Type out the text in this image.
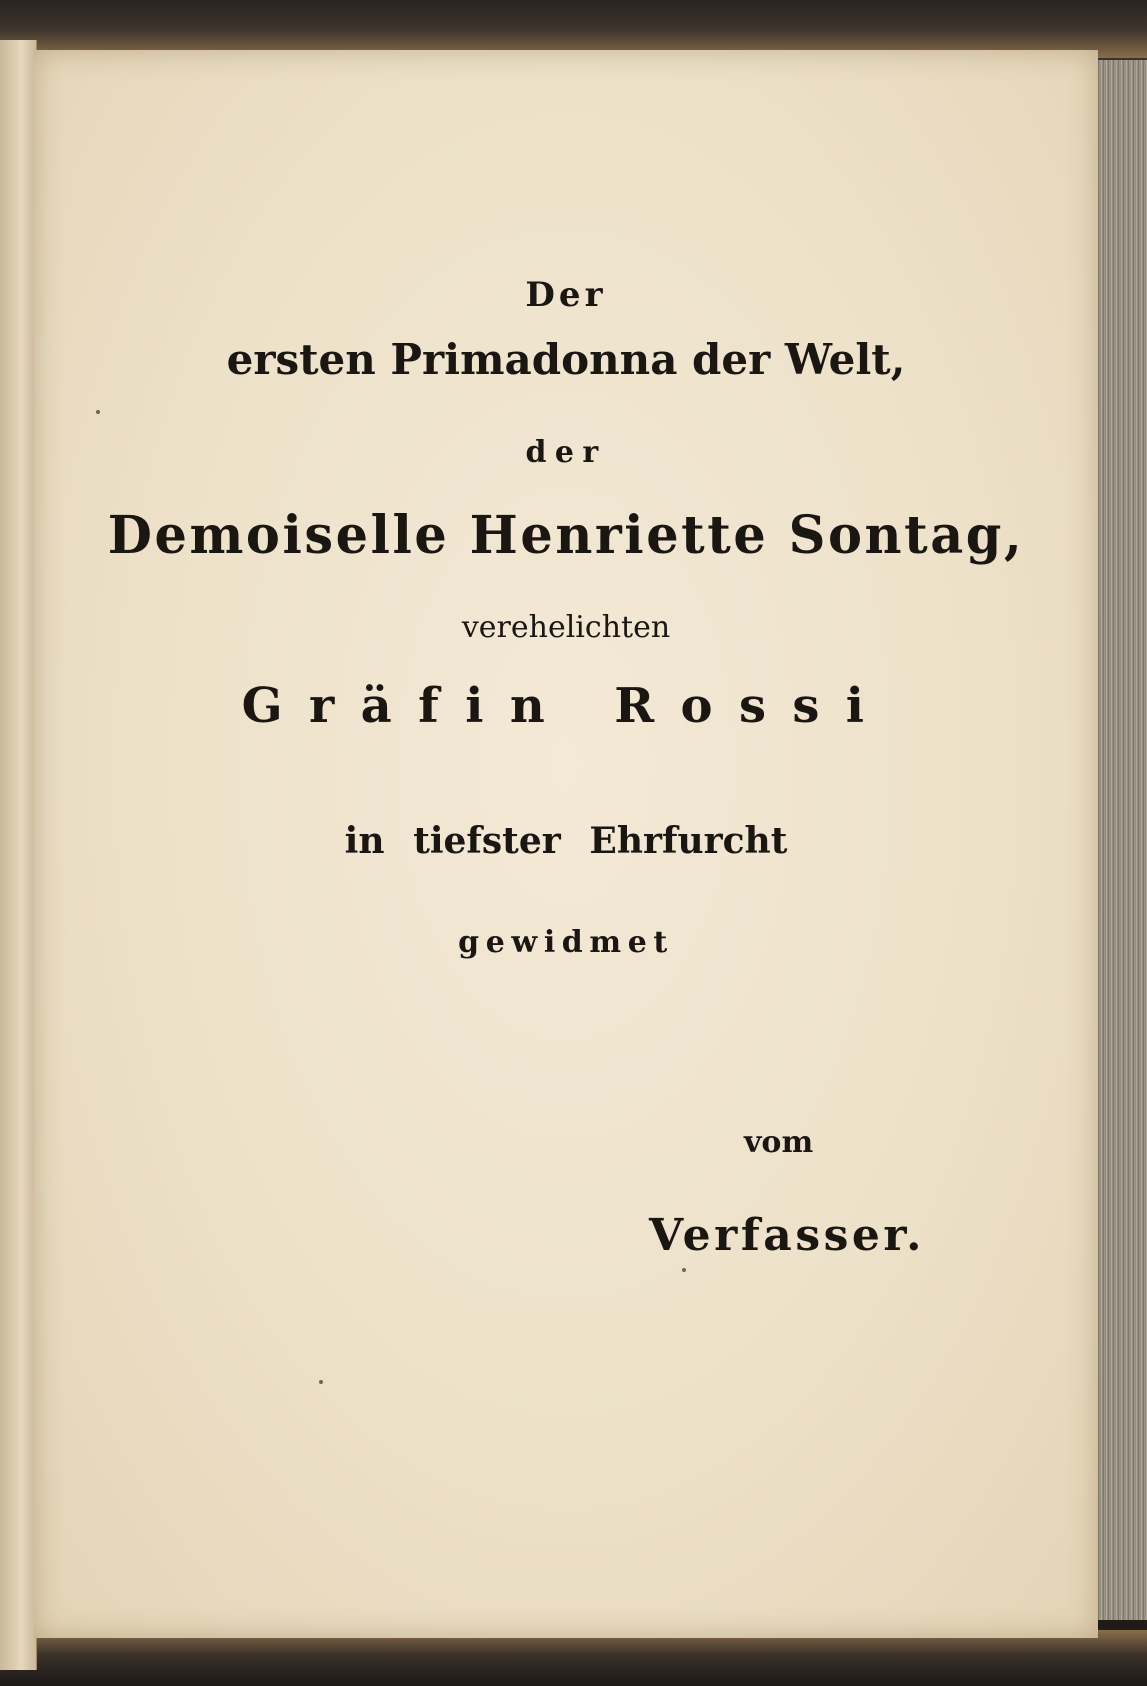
Der
ersten Primadonna der Welt,
der
Demoiselle Henriette Sontag,
verehelichten
Gräfin Rossi
in tiefster Ehrfurcht
gewidmet
vom
Verfasser.
